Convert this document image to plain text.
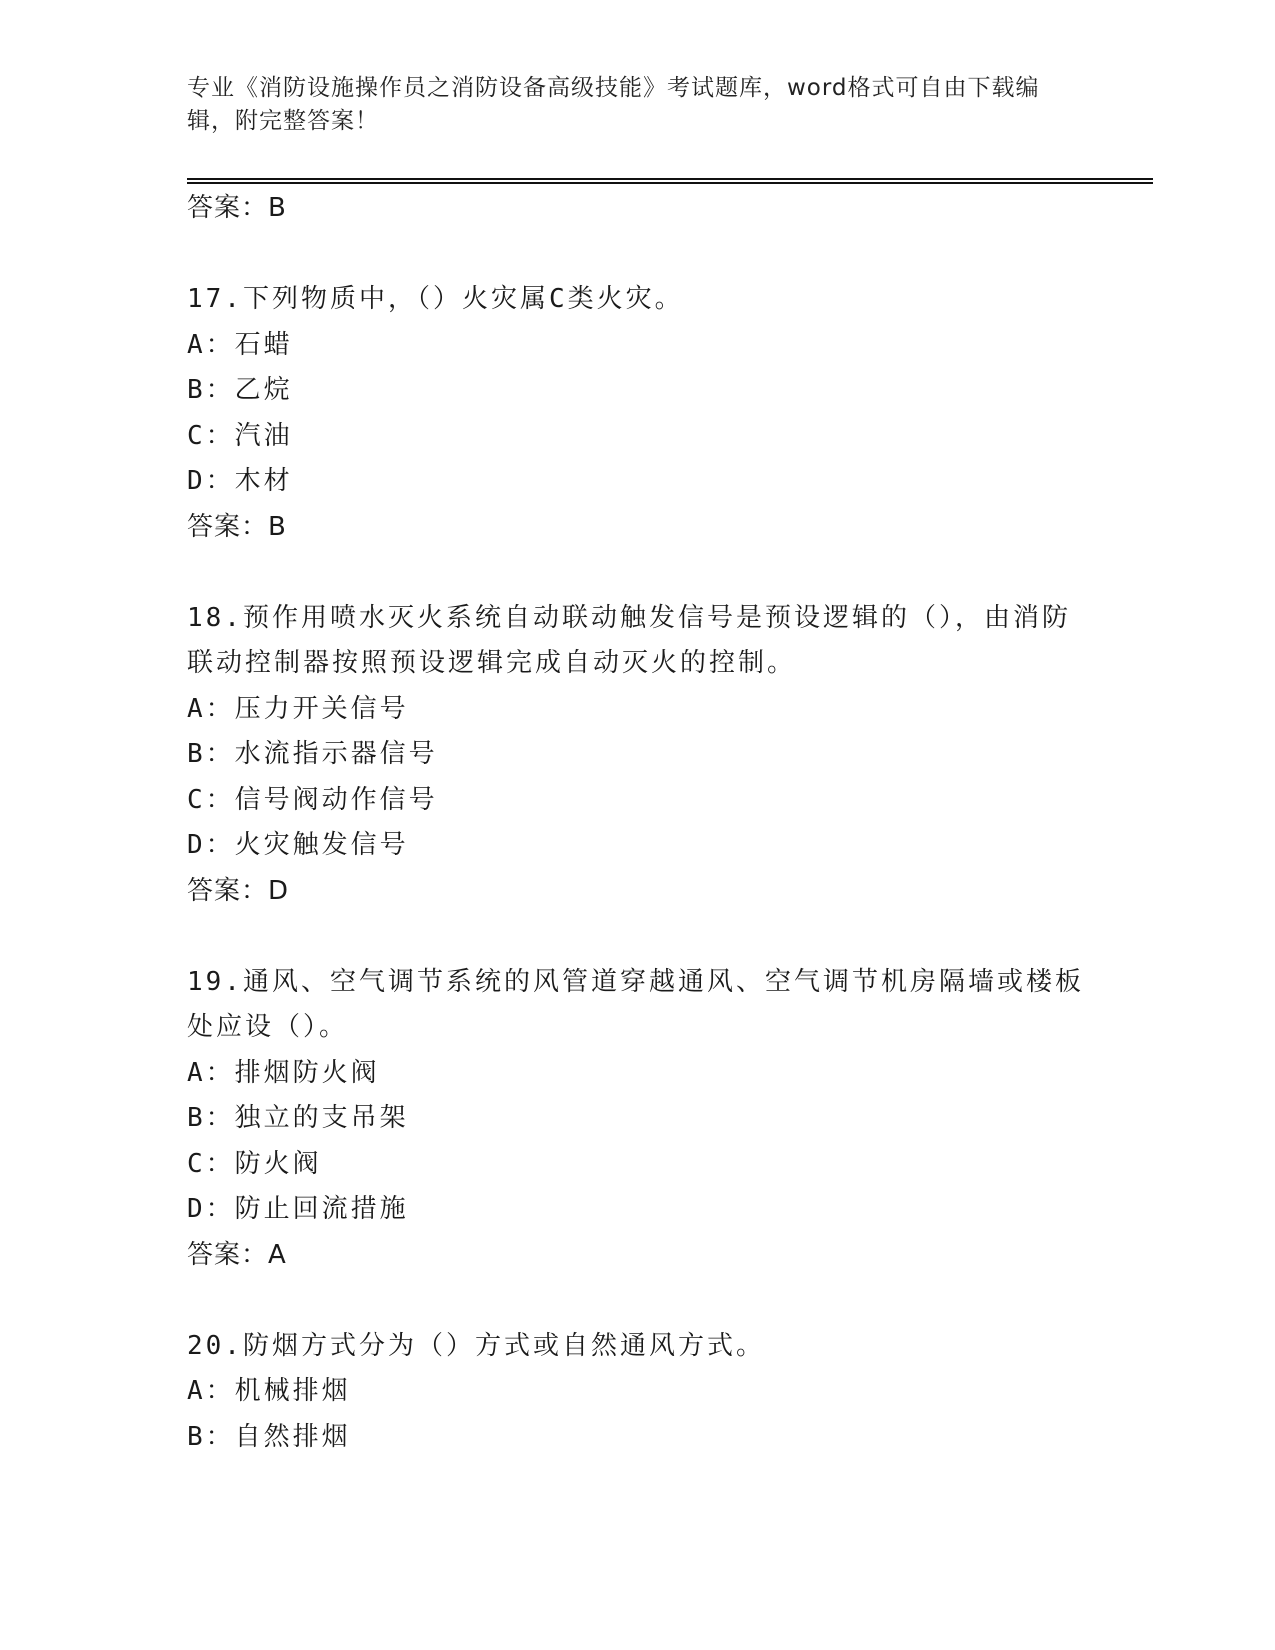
专业《消防设施操作员之消防设备高级技能》考试题库，word格式可自由下载编
辑，附完整答案！
答案：B
17.下列物质中，（）火灾属C类火灾。
A：石蜡
B：乙烷
C：汽油
D：木材
答案：B
18.预作用喷水灭火系统自动联动触发信号是预设逻辑的（），由消防
联动控制器按照预设逻辑完成自动灭火的控制。
A：压力开关信号
B：水流指示器信号
C：信号阀动作信号
D：火灾触发信号
答案：D
19.通风、空气调节系统的风管道穿越通风、空气调节机房隔墙或楼板
处应设（）。
A：排烟防火阀
B：独立的支吊架
C：防火阀
D：防止回流措施
答案：A
20.防烟方式分为（）方式或自然通风方式。
A：机械排烟
B：自然排烟
